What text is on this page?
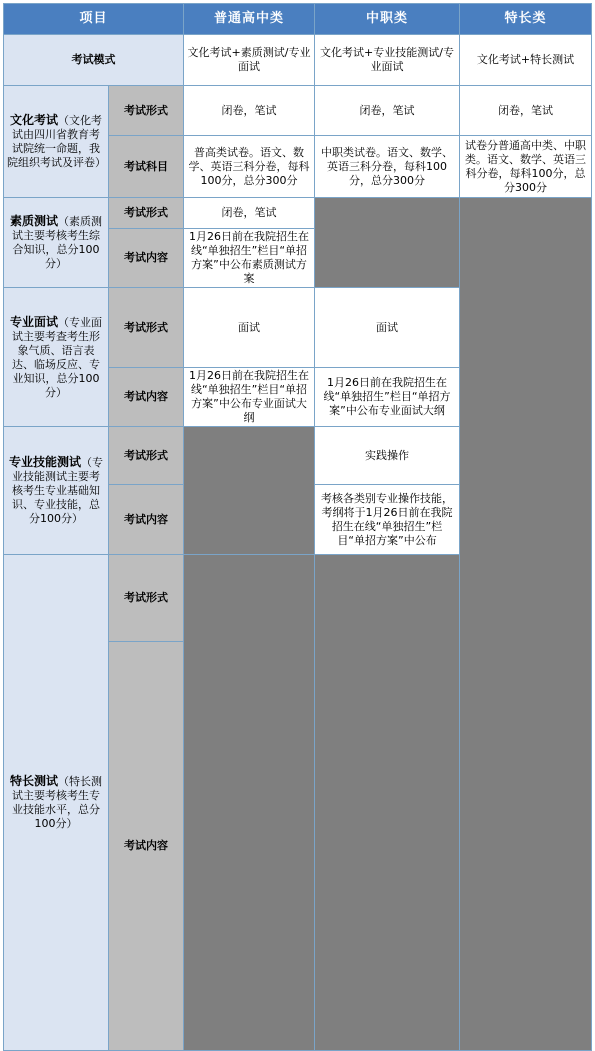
项目		普通高中类	中职类	特长类	
考试模式		文化考试+素质测试/专业面试	文化考试+专业技能测试/专业面试	文化考试+特长测试	
文化考试（文化考试由四川省教育考试院统一命题，我院组织考试及评卷）	考试形式	闭卷，笔试	闭卷，笔试	闭卷，笔试	
	考试科目	普高类试卷。语文、数学、英语三科分卷，每科100分，总分300分	中职类试卷。语文、数学、英语三科分卷，每科100分，总分300分	试卷分普通高中类、中职类。语文、数学、英语三科分卷，每科100分，总分300分	
素质测试（素质测试主要考核考生综合知识，总分100分）	考试形式	闭卷，笔试			
	考试内容	1月26日前在我院招生在线“单独招生”栏目“单招方案”中公布素质测试方案			
专业面试（专业面试主要考查考生形象气质、语言表达、临场反应、专业知识，总分100分）	考试形式	面试	面试		
	考试内容	1月26日前在我院招生在线“单独招生”栏目“单招方案”中公布专业面试大纲	1月26日前在我院招生在线“单独招生”栏目“单招方案”中公布专业面试大纲		
专业技能测试（专业技能测试主要考核考生专业基础知识、专业技能，总分100分）	考试形式		实践操作		
	考试内容		考核各类别专业操作技能，考纲将于1月26日前在我院招生在线“单独招生”栏目“单招方案”中公布		
特长测试（特长测试主要考核考生专业技能水平，总分100分）	考试形式			
	考试内容	
